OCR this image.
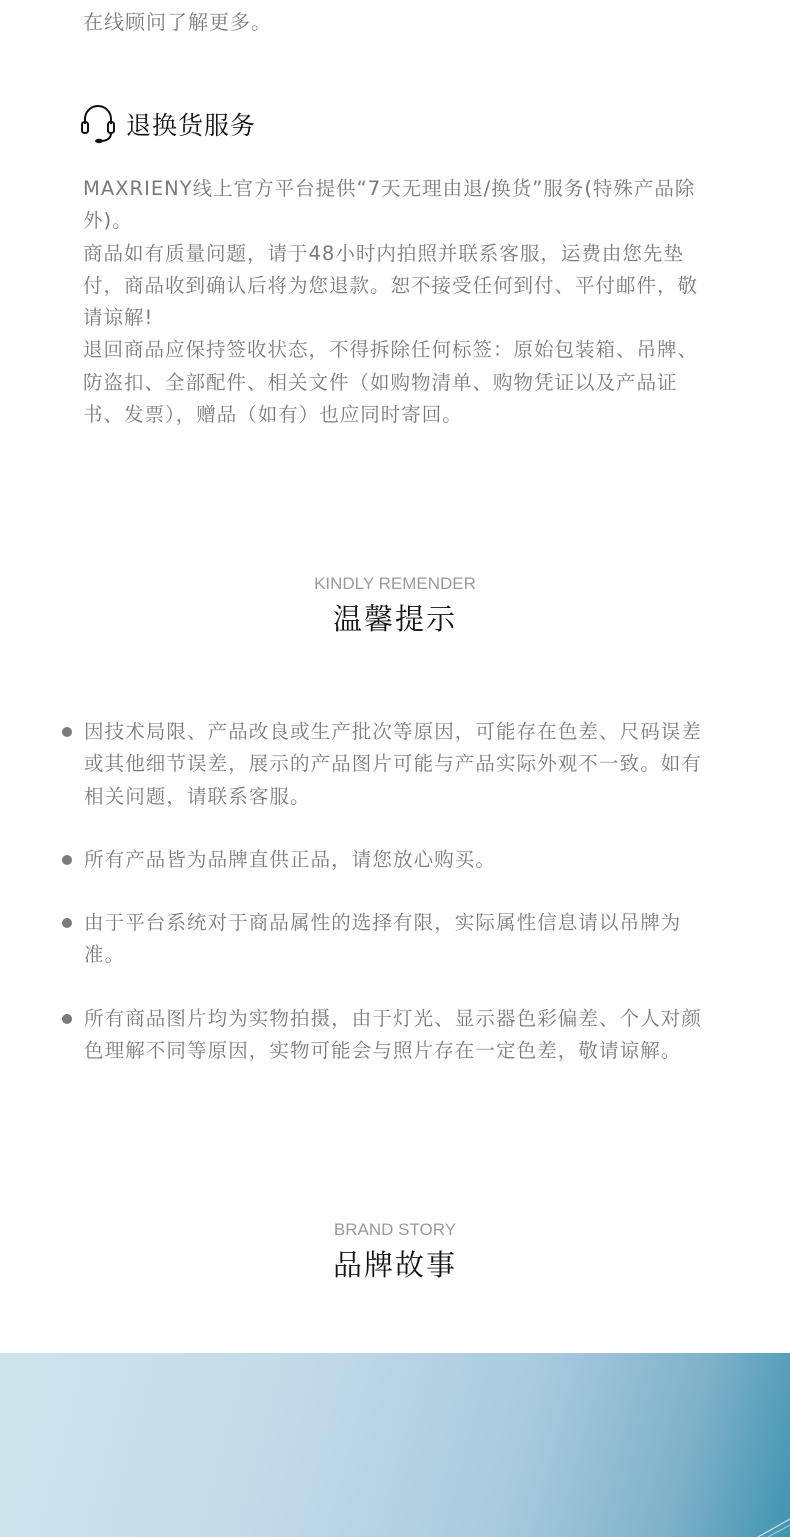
在线顾问了解更多。
退换货服务

MAXRIENY线上官方平台提供“7天无理由退/换货”服务(特殊产品除外)。

商品如有质量问题，请于48小时内拍照并联系客服，运费由您先垫付，商品收到确认后将为您退款。恕不接受任何到付、平付邮件，敬请谅解!

退回商品应保持签收状态，不得拆除任何标签：原始包装箱、吊牌、防盗扣、全部配件、相关文件（如购物清单、购物凭证以及产品证书、发票），赠品（如有）也应同时寄回。

KINDLY REMENDER
温馨提示
因技术局限、产品改良或生产批次等原因，可能存在色差、尺码误差或其他细节误差，展示的产品图片可能与产品实际外观不一致。如有相关问题，请联系客服。
所有产品皆为品牌直供正品，请您放心购买。
由于平台系统对于商品属性的选择有限，实际属性信息请以吊牌为准。
所有商品图片均为实物拍摄，由于灯光、显示器色彩偏差、个人对颜色理解不同等原因，实物可能会与照片存在一定色差，敬请谅解。
BRAND STORY
品牌故事
